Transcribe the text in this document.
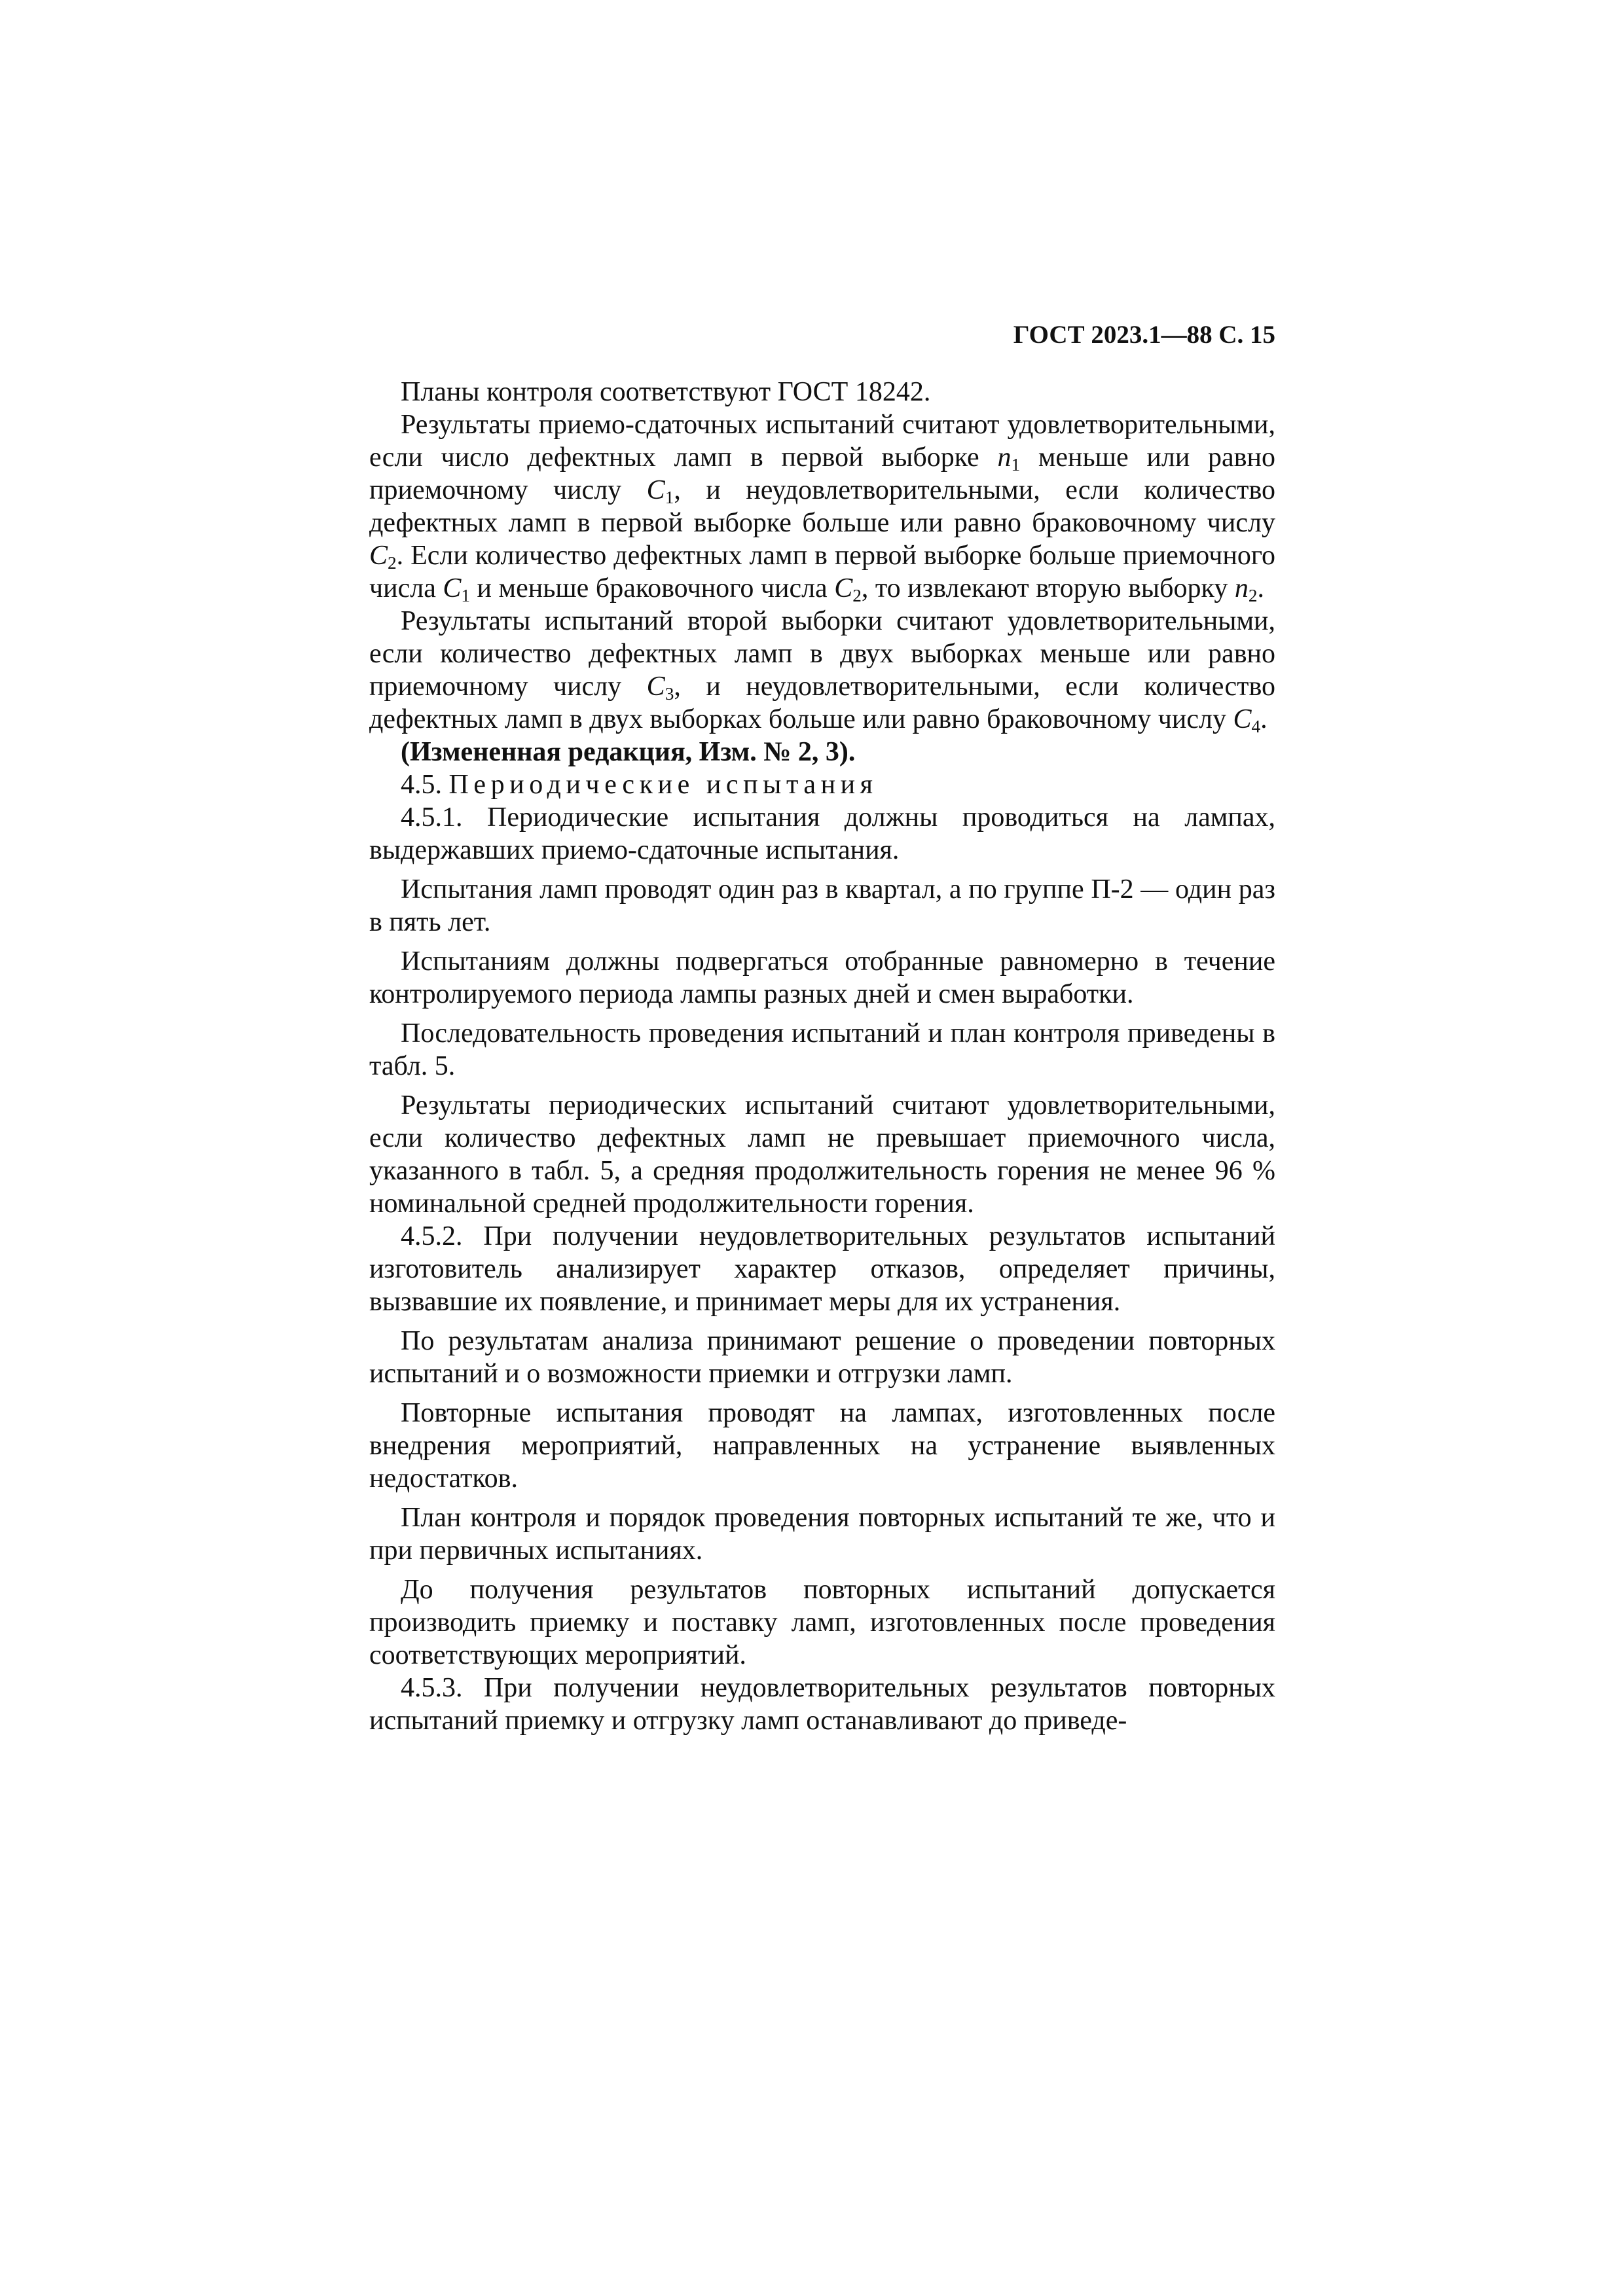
ГОСТ 2023.1—88 С. 15

Планы контроля соответствуют ГОСТ 18242.

Результаты приемо-сдаточных испытаний считают удовлетворительными, если число дефектных ламп в первой выборке $n_1$ меньше или равно приемочному числу $C_1$, и неудовлетворительными, если количество дефектных ламп в первой выборке больше или равно браковочному числу $C_2$. Если количество дефектных ламп в первой выборке больше приемочного числа $C_1$ и меньше браковочного числа $C_2$, то извлекают вторую выборку $n_2$.

Результаты испытаний второй выборки считают удовлетворительными, если количество дефектных ламп в двух выборках меньше или равно приемочному числу $C_3$, и неудовлетворительными, если количество дефектных ламп в двух выборках больше или равно браковочному числу $C_4$.

(Измененная редакция, Изм. № 2, 3).

4.5. Периодические испытания

4.5.1. Периодические испытания должны проводиться на лампах, выдержавших приемо-сдаточные испытания.

Испытания ламп проводят один раз в квартал, а по группе П-2 — один раз в пять лет.

Испытаниям должны подвергаться отобранные равномерно в течение контролируемого периода лампы разных дней и смен выработки.

Последовательность проведения испытаний и план контроля приведены в табл. 5.

Результаты периодических испытаний считают удовлетворительными, если количество дефектных ламп не превышает приемочного числа, указанного в табл. 5, а средняя продолжительность горения не менее 96 % номинальной средней продолжительности горения.

4.5.2. При получении неудовлетворительных результатов испытаний изготовитель анализирует характер отказов, определяет причины, вызвавшие их появление, и принимает меры для их устранения.

По результатам анализа принимают решение о проведении повторных испытаний и о возможности приемки и отгрузки ламп.

Повторные испытания проводят на лампах, изготовленных после внедрения мероприятий, направленных на устранение выявленных недостатков.

План контроля и порядок проведения повторных испытаний те же, что и при первичных испытаниях.

До получения результатов повторных испытаний допускается производить приемку и поставку ламп, изготовленных после проведения соответствующих мероприятий.

4.5.3. При получении неудовлетворительных результатов повторных испытаний приемку и отгрузку ламп останавливают до приведе-
